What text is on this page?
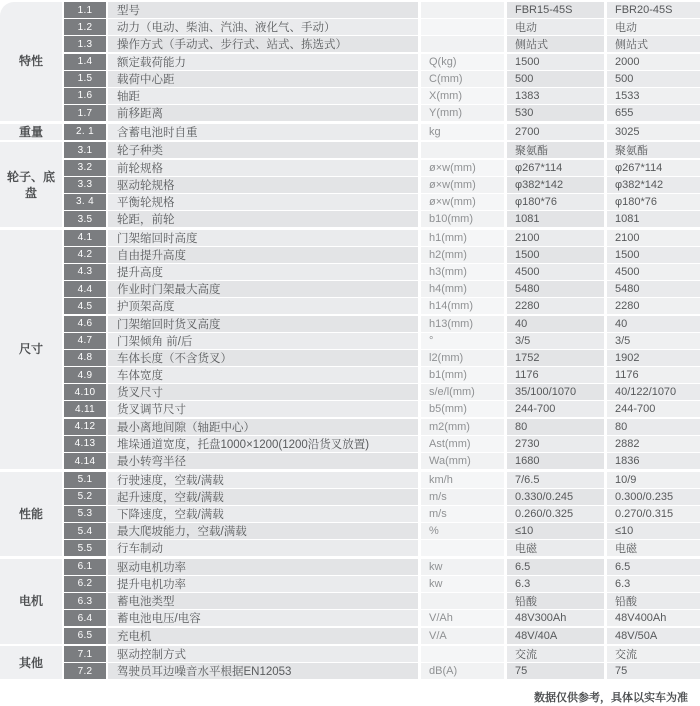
特性
1.1	型号	FBR15-45S	FBR20-45S
1.2	动力（电动、柴油、汽油、液化气、手动）	电动	电动
1.3	操作方式（手动式、步行式、站式、拣选式）	侧站式	侧站式
1.4	额定载荷能力	Q(kg)	1500	2000
1.5	载荷中心距	C(mm)	500	500
1.6	轴距	X(mm)	1383	1533
1.7	前移距离	Y(mm)	530	655
重量	2. 1	含蓄电池时自重	kg	2700	3025
轮子、底盘
3.1	轮子种类	聚氨酯	聚氨酯
3.2	前轮规格	ø×w(mm)	φ267*114	φ267*114
3.3	驱动轮规格	ø×w(mm)	φ382*142	φ382*142
3. 4	平衡轮规格	ø×w(mm)	φ180*76	φ180*76
3.5	轮距，前轮	b10(mm)	1081	1081
尺寸
4.1	门架缩回时高度	h1(mm)	2100	2100
4.2	自由提升高度	h2(mm)	1500	1500
4.3	提升高度	h3(mm)	4500	4500
4.4	作业时门架最大高度	h4(mm)	5480	5480
4.5	护顶架高度	h14(mm)	2280	2280
4.6	门架缩回时货叉高度	h13(mm)	40	40
4.7	门架倾角 前/后	°	3/5	3/5
4.8	车体长度（不含货叉）	l2(mm)	1752	1902
4.9	车体宽度	b1(mm)	1176	1176
4.10	货叉尺寸	s/e/l(mm)	35/100/1070	40/122/1070
4.11	货叉调节尺寸	b5(mm)	244-700	244-700
4.12	最小离地间隙（轴距中心）	m2(mm)	80	80
4.13	堆垛通道宽度，托盘1000×1200(1200沿货叉放置)	Ast(mm)	2730	2882
4.14	最小转弯半径	Wa(mm)	1680	1836
性能
5.1	行驶速度，空载/满载	km/h	7/6.5	10/9
5.2	起升速度，空载/满载	m/s	0.330/0.245	0.300/0.235
5.3	下降速度，空载/满载	m/s	0.260/0.325	0.270/0.315
5.4	最大爬坡能力，空载/满载	%	≤10	≤10
5.5	行车制动	电磁	电磁
电机
6.1	驱动电机功率	kw	6.5	6.5
6.2	提升电机功率	kw	6.3	6.3
6.3	蓄电池类型	铅酸	铅酸
6.4	蓄电池电压/电容	V/Ah	48V300Ah	48V400Ah
6.5	充电机	V/A	48V/40A	48V/50A
其他
7.1	驱动控制方式	交流	交流
7.2	驾驶员耳边噪音水平根据EN12053	dB(A)	75	75
数据仅供参考，具体以实车为准
